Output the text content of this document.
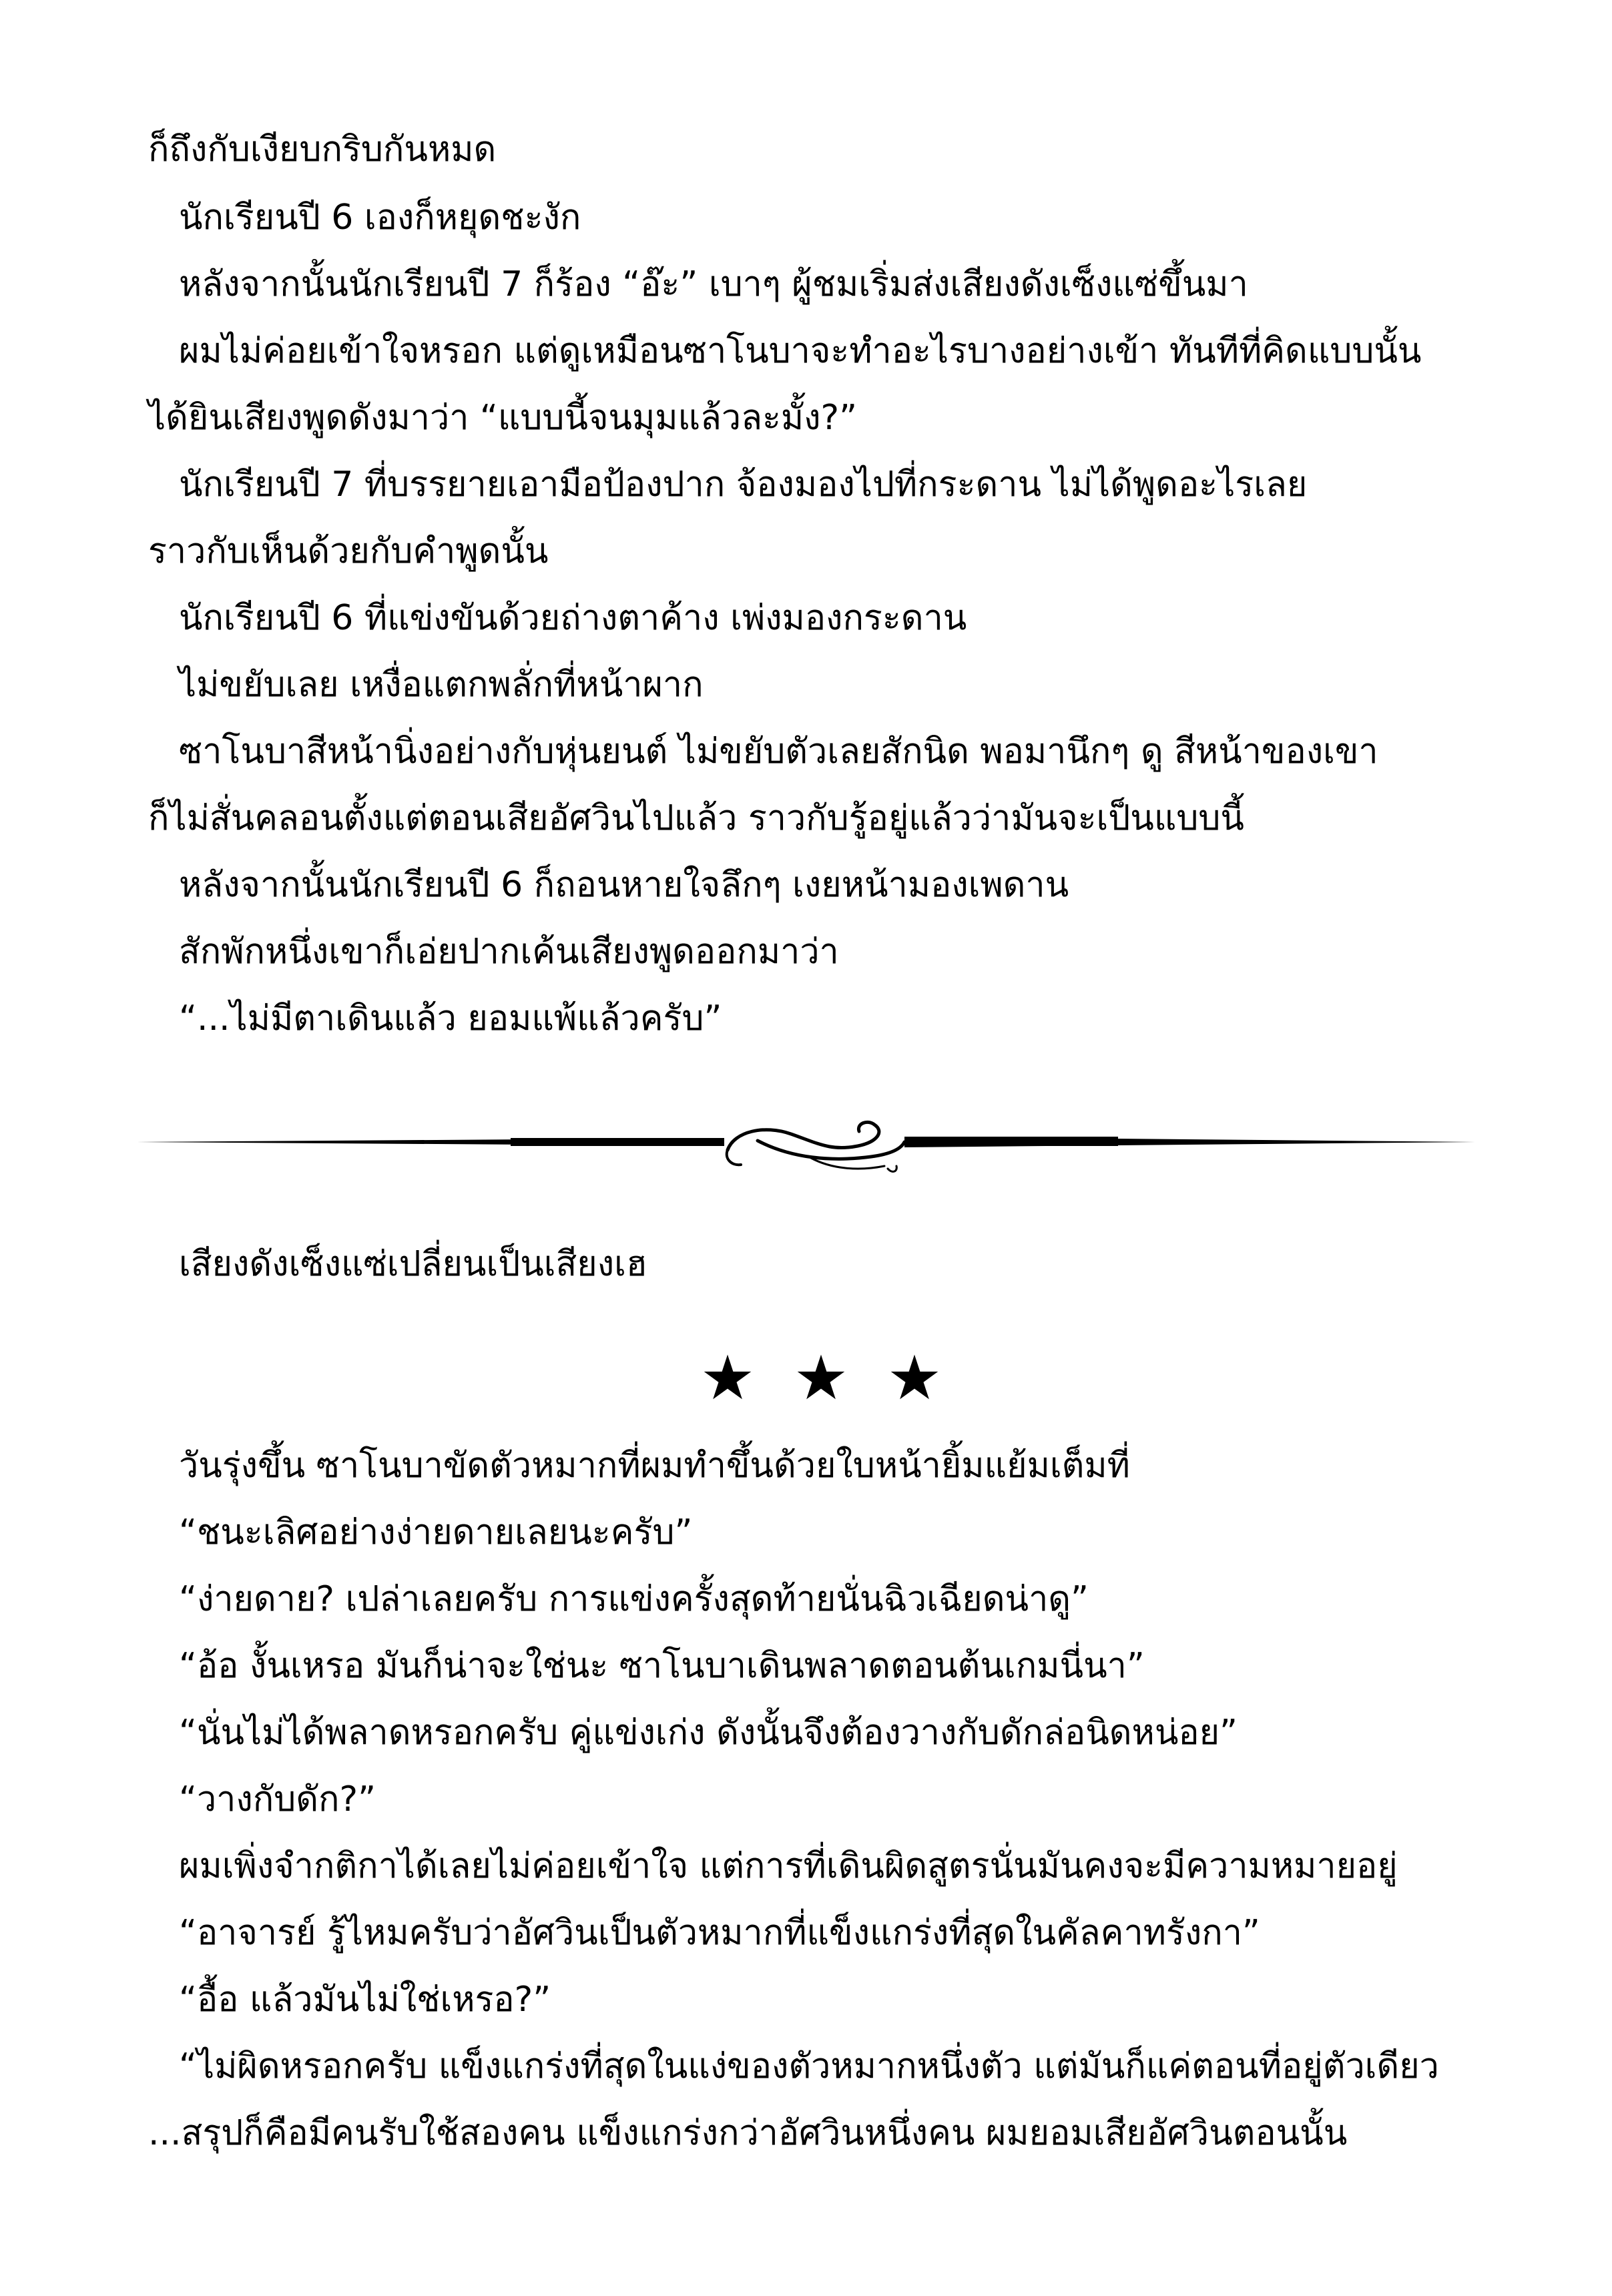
ก็ถึงกับเงียบกริบกันหมด
นักเรียนปี 6 เองก็หยุดชะงัก
หลังจากนั้นนักเรียนปี 7 ก็ร้อง “อ๊ะ” เบาๆ ผู้ชมเริ่มส่งเสียงดังเซ็งแซ่ขึ้นมา
ผมไม่ค่อยเข้าใจหรอก แต่ดูเหมือนซาโนบาจะทำอะไรบางอย่างเข้า ทันทีที่คิดแบบนั้น
ได้ยินเสียงพูดดังมาว่า “แบบนี้จนมุมแล้วละมั้ง?”
นักเรียนปี 7 ที่บรรยายเอามือป้องปาก จ้องมองไปที่กระดาน ไม่ได้พูดอะไรเลย
ราวกับเห็นด้วยกับคำพูดนั้น
นักเรียนปี 6 ที่แข่งขันด้วยถ่างตาค้าง เพ่งมองกระดาน
ไม่ขยับเลย เหงื่อแตกพลั่กที่หน้าผาก
ซาโนบาสีหน้านิ่งอย่างกับหุ่นยนต์ ไม่ขยับตัวเลยสักนิด พอมานึกๆ ดู สีหน้าของเขา
ก็ไม่สั่นคลอนตั้งแต่ตอนเสียอัศวินไปแล้ว ราวกับรู้อยู่แล้วว่ามันจะเป็นแบบนี้
หลังจากนั้นนักเรียนปี 6 ก็ถอนหายใจลึกๆ เงยหน้ามองเพดาน
สักพักหนึ่งเขาก็เอ่ยปากเค้นเสียงพูดออกมาว่า
“...ไม่มีตาเดินแล้ว ยอมแพ้แล้วครับ”
เสียงดังเซ็งแซ่เปลี่ยนเป็นเสียงเฮ
★ ★ ★
วันรุ่งขึ้น ซาโนบาขัดตัวหมากที่ผมทำขึ้นด้วยใบหน้ายิ้มแย้มเต็มที่
“ชนะเลิศอย่างง่ายดายเลยนะครับ”
“ง่ายดาย? เปล่าเลยครับ การแข่งครั้งสุดท้ายนั่นฉิวเฉียดน่าดู”
“อ้อ งั้นเหรอ มันก็น่าจะใช่นะ ซาโนบาเดินพลาดตอนต้นเกมนี่นา”
“นั่นไม่ได้พลาดหรอกครับ คู่แข่งเก่ง ดังนั้นจึงต้องวางกับดักล่อนิดหน่อย”
“วางกับดัก?”
ผมเพิ่งจำกติกาได้เลยไม่ค่อยเข้าใจ แต่การที่เดินผิดสูตรนั่นมันคงจะมีความหมายอยู่
“อาจารย์ รู้ไหมครับว่าอัศวินเป็นตัวหมากที่แข็งแกร่งที่สุดในคัลคาทรังกา”
“อื้อ แล้วมันไม่ใช่เหรอ?”
“ไม่ผิดหรอกครับ แข็งแกร่งที่สุดในแง่ของตัวหมากหนึ่งตัว แต่มันก็แค่ตอนที่อยู่ตัวเดียว
...สรุปก็คือมีคนรับใช้สองคน แข็งแกร่งกว่าอัศวินหนึ่งคน ผมยอมเสียอัศวินตอนนั้น
